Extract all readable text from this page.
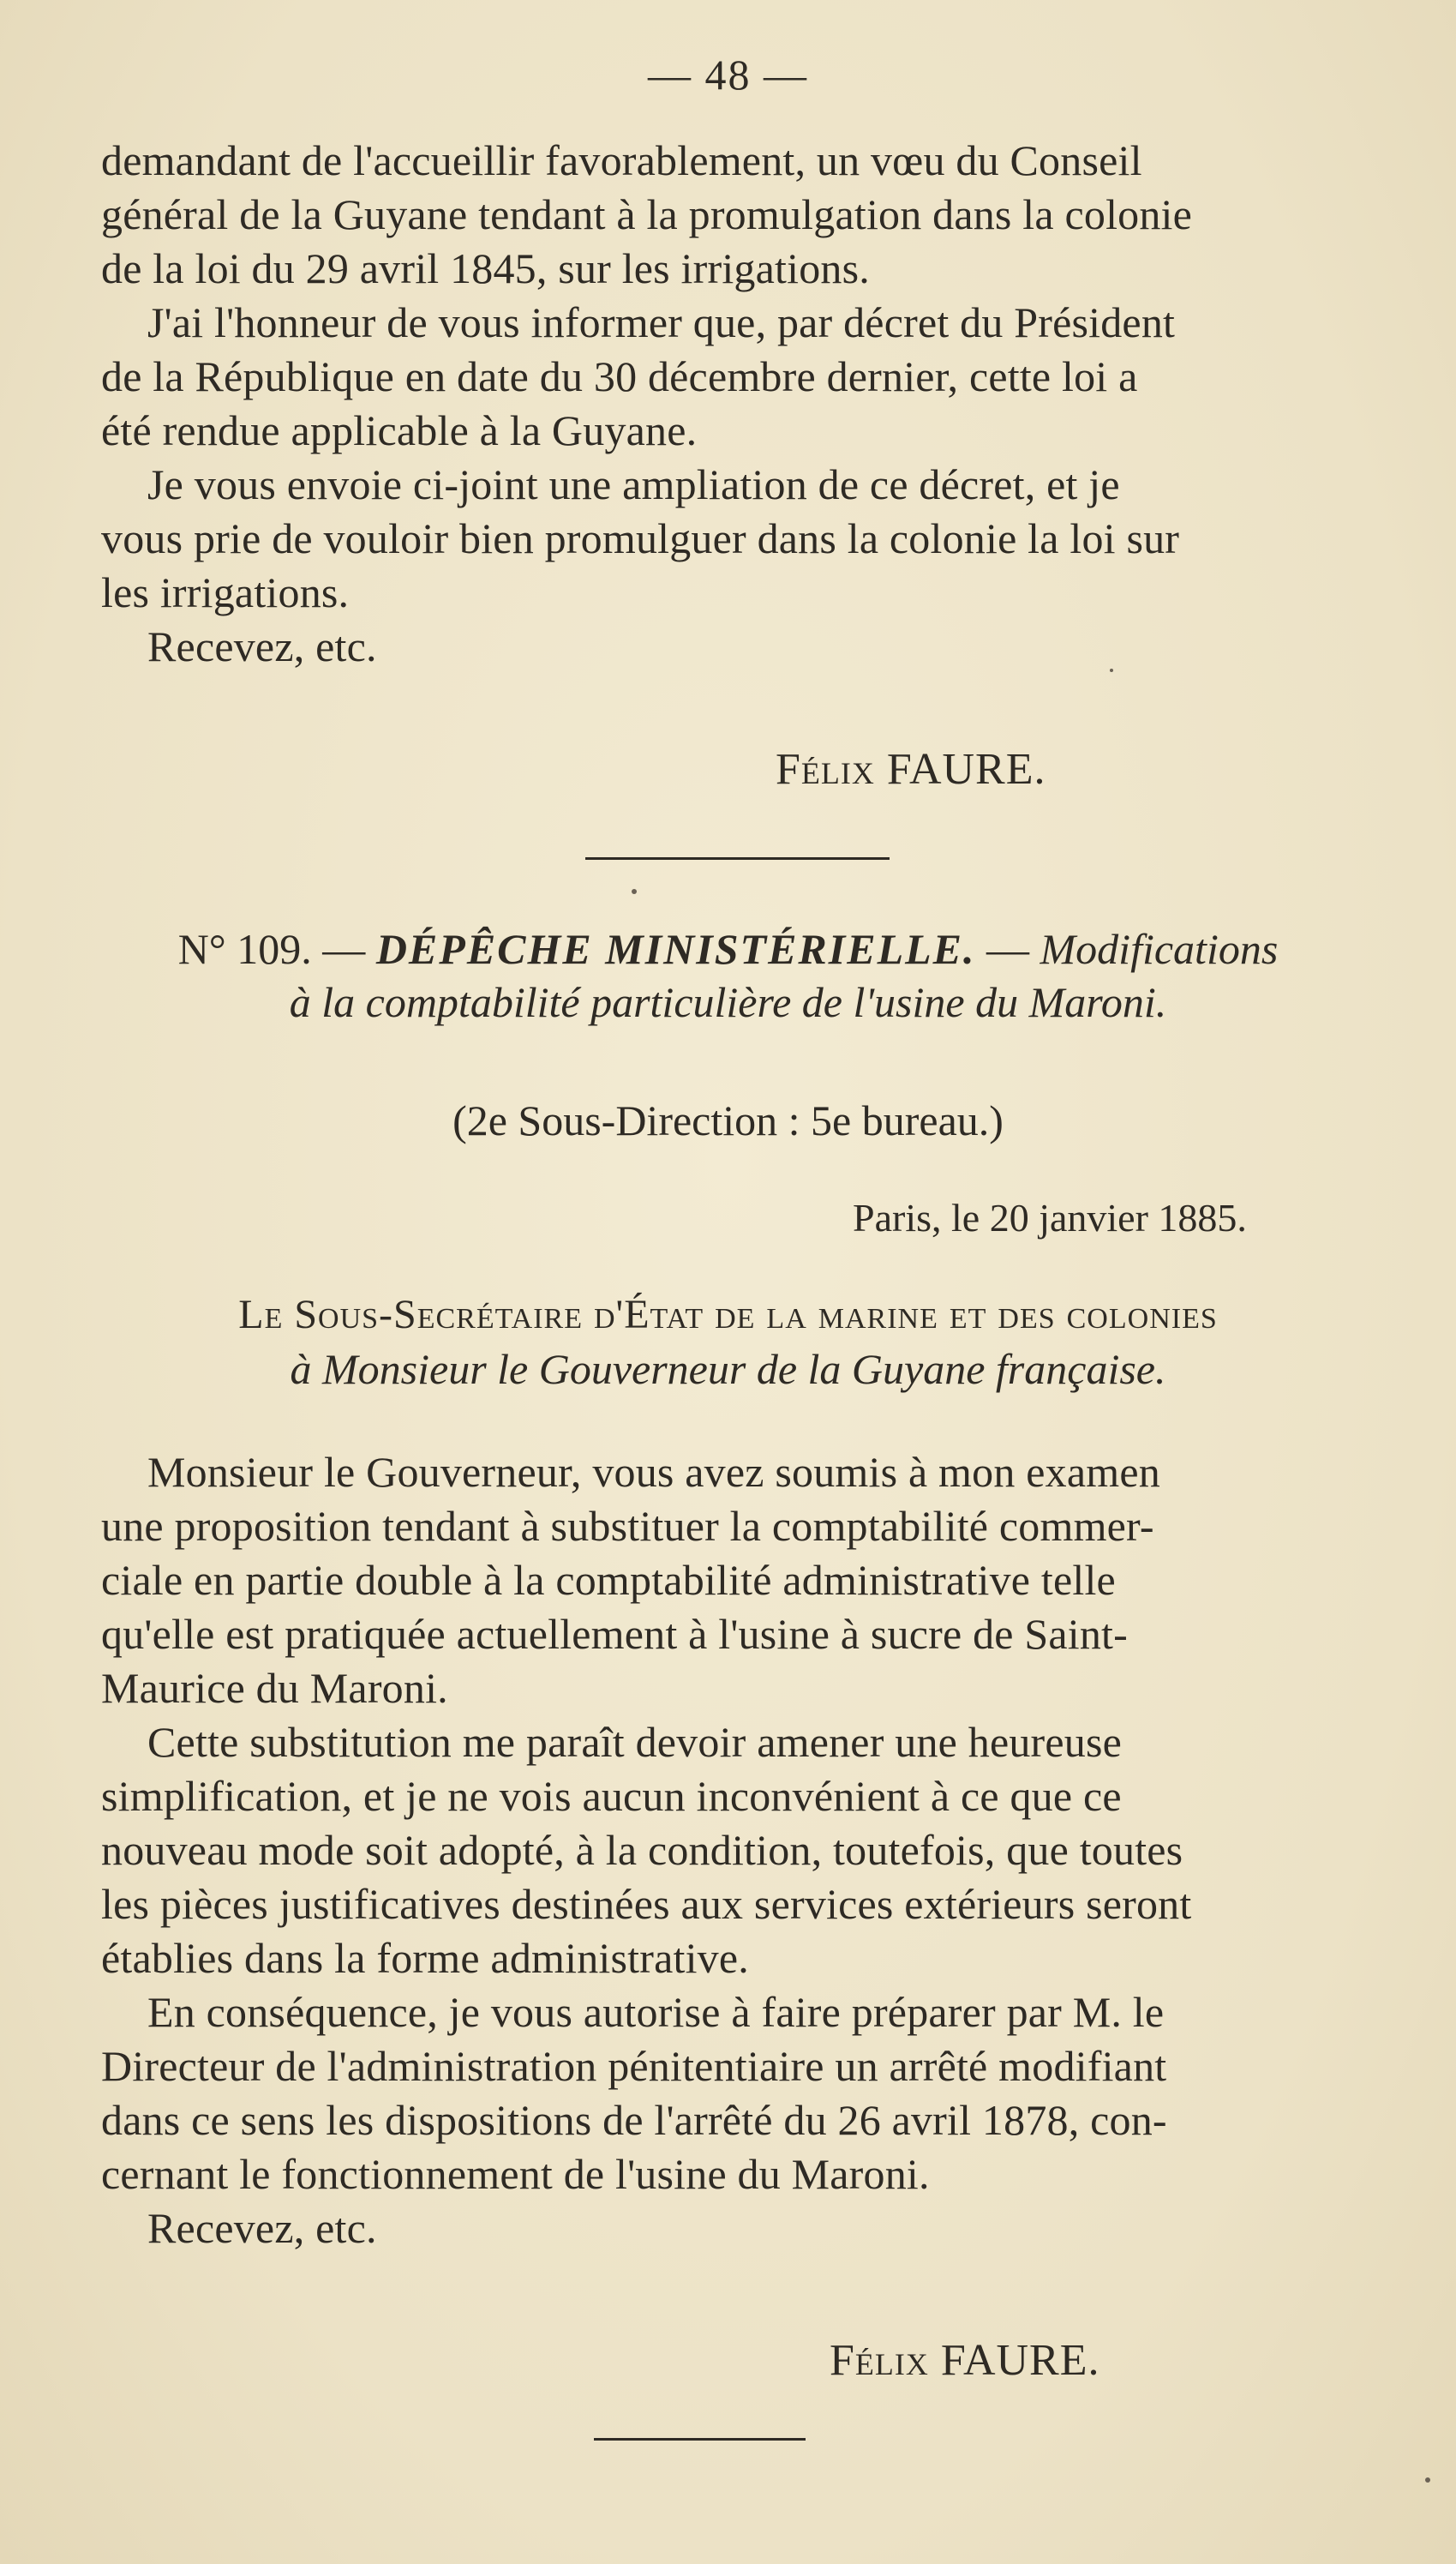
— 48 —

demandant de l'accueillir favorablement, un vœu du Conseil

général de la Guyane tendant à la promulgation dans la colonie

de la loi du 29 avril 1845, sur les irrigations.

J'ai l'honneur de vous informer que, par décret du Président

de la République en date du 30 décembre dernier, cette loi a

été rendue applicable à la Guyane.

Je vous envoie ci-joint une ampliation de ce décret, et je

vous prie de vouloir bien promulguer dans la colonie la loi sur

les irrigations.

Recevez, etc.

Félix FAURE.
N° 109. — DÉPÊCHE MINISTÉRIELLE. — Modifications
à la comptabilité particulière de l'usine du Maroni.
(2e Sous-Direction : 5e bureau.)
Paris, le 20 janvier 1885.
Le Sous-Secrétaire d'État de la marine et des colonies
à Monsieur le Gouverneur de la Guyane française.

Monsieur le Gouverneur, vous avez soumis à mon examen

une proposition tendant à substituer la comptabilité commer-

ciale en partie double à la comptabilité administrative telle

qu'elle est pratiquée actuellement à l'usine à sucre de Saint-

Maurice du Maroni.

Cette substitution me paraît devoir amener une heureuse

simplification, et je ne vois aucun inconvénient à ce que ce

nouveau mode soit adopté, à la condition, toutefois, que toutes

les pièces justificatives destinées aux services extérieurs seront

établies dans la forme administrative.

En conséquence, je vous autorise à faire préparer par M. le

Directeur de l'administration pénitentiaire un arrêté modifiant

dans ce sens les dispositions de l'arrêté du 26 avril 1878, con-

cernant le fonctionnement de l'usine du Maroni.

Recevez, etc.

Félix FAURE.
